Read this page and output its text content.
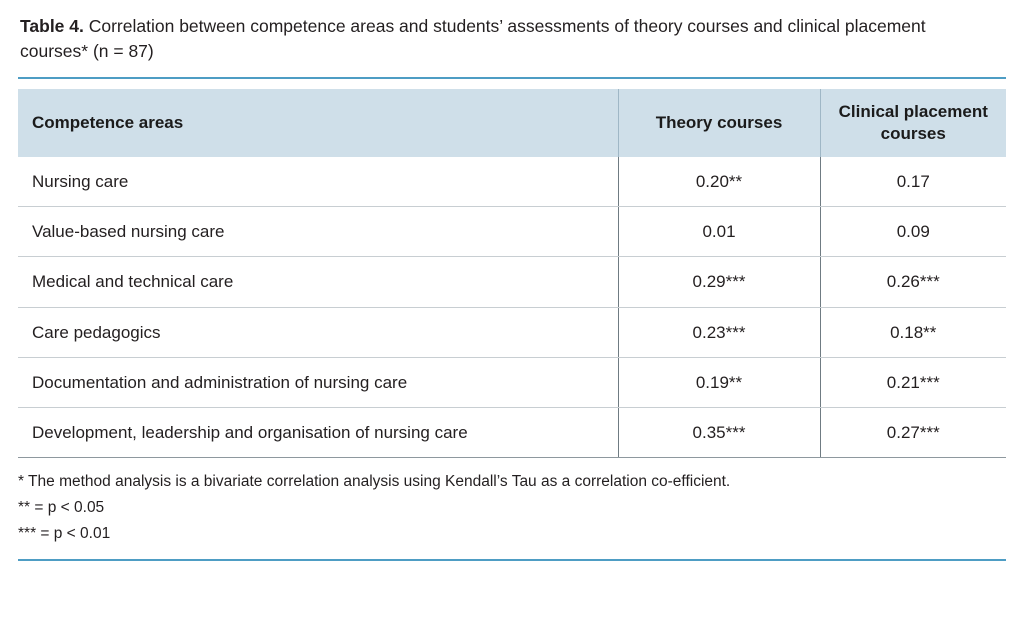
Table 4. Correlation between competence areas and students’ assessments of theory courses and clinical placement courses* (n = 87)

Competence areas	Theory courses	Clinical placement courses
Nursing care	0.20**	0.17
Value-based nursing care	0.01	0.09
Medical and technical care	0.29***	0.26***
Care pedagogics	0.23***	0.18**
Documentation and administration of nursing care	0.19**	0.21***
Development, leadership and organisation of nursing care	0.35***	0.27***
* The method analysis is a bivariate correlation analysis using Kendall’s Tau as a correlation co-efficient.
** = p < 0.05
*** = p < 0.01
